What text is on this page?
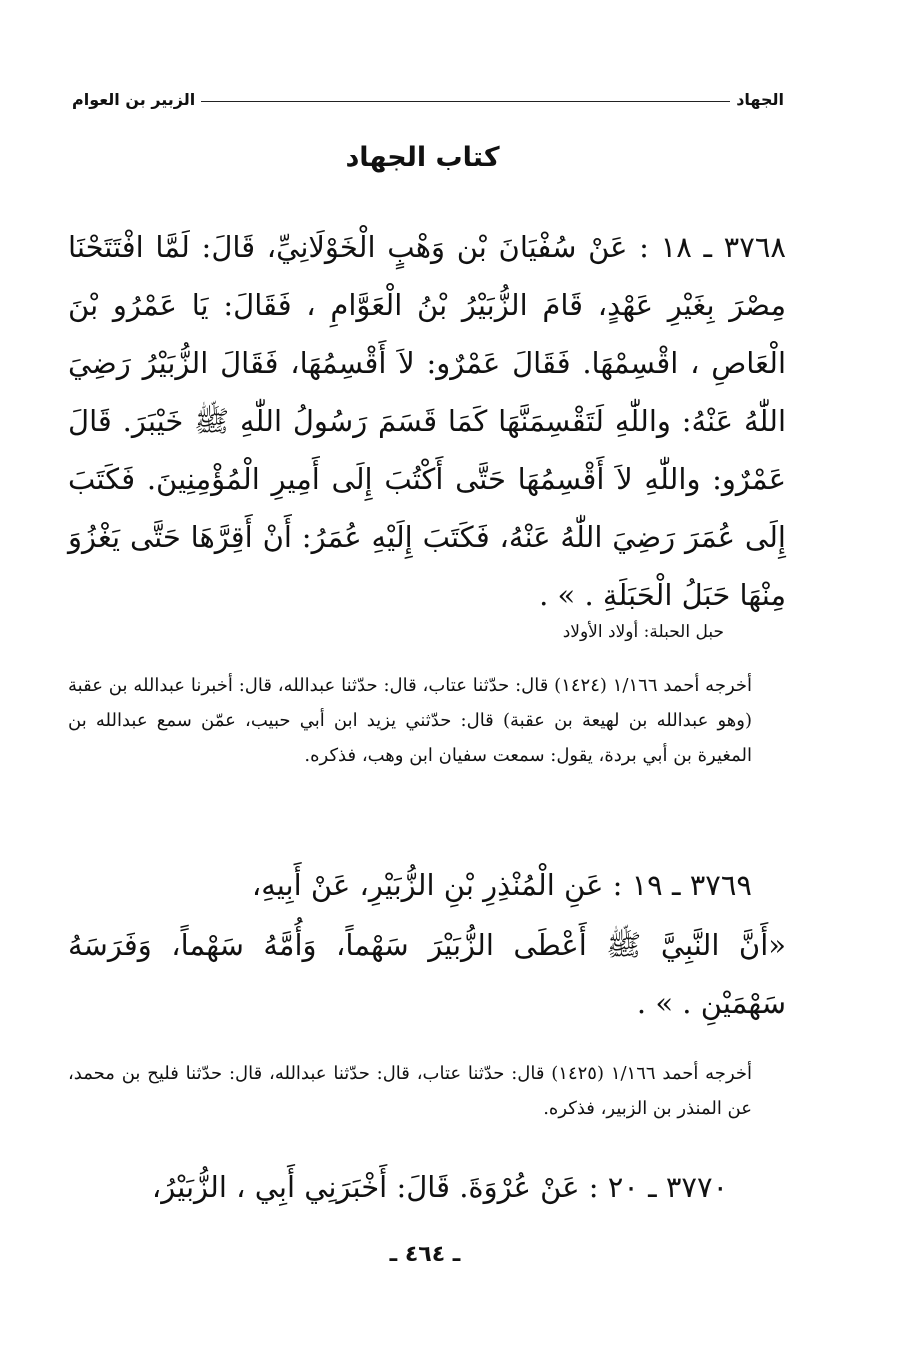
الجهاد
الزبير بن العوام
كتاب الجهاد
٣٧٦٨ ـ ١٨ : عَنْ سُفْيَانَ بْن وَهْبٍ الْخَوْلَانِيِّ، قَالَ: لَمَّا افْتَتَحْنَا مِصْرَ بِغَيْرِ عَهْدٍ، قَامَ الزُّبَيْرُ بْنُ الْعَوَّامِ ، فَقَالَ: يَا عَمْرُو بْنَ الْعَاصِ ، اقْسِمْهَا. فَقَالَ عَمْرٌو: لاَ أَقْسِمُهَا، فَقَالَ الزُّبَيْرُ رَضِيَ اللّٰهُ عَنْهُ: واللّٰهِ لَتَقْسِمَنَّهَا كَمَا قَسَمَ رَسُولُ اللّٰهِ ﷺ خَيْبَرَ. قَالَ عَمْرٌو: واللّٰهِ لاَ أَقْسِمُهَا حَتَّى أَكْتُبَ إِلَى أَمِيرِ الْمُؤْمِنِينَ. فَكَتَبَ إِلَى عُمَرَ رَضِيَ اللّٰهُ عَنْهُ، فَكَتَبَ إِلَيْهِ عُمَرُ: أَنْ أَقِرَّهَا حَتَّى يَغْزُوَ مِنْهَا حَبَلُ الْحَبَلَةِ . » .
حبل الحبلة: أولاد الأولاد
أخرجه أحمد ١/١٦٦ (١٤٢٤) قال: حدّثنا عتاب، قال: حدّثنا عبدالله، قال: أخبرنا عبدالله بن عقبة (وهو عبدالله بن لهيعة بن عقبة) قال: حدّثني يزيد ابن أبي حبيب، عمّن سمع عبدالله بن المغيرة بن أبي بردة، يقول: سمعت سفيان ابن وهب، فذكره.
٣٧٦٩ ـ ١٩ : عَنِ الْمُنْذِرِ بْنِ الزُّبَيْرِ، عَنْ أَبِيهِ،
«أَنَّ النَّبِيَّ ﷺ أَعْطَى الزُّبَيْرَ سَهْماً، وَأُمَّهُ سَهْماً، وَفَرَسَهُ سَهْمَيْنِ . » .
أخرجه أحمد ١/١٦٦ (١٤٢٥) قال: حدّثنا عتاب، قال: حدّثنا عبدالله، قال: حدّثنا فليح بن محمد، عن المنذر بن الزبير، فذكره.
٣٧٧٠ ـ ٢٠ : عَنْ عُرْوَةَ. قَالَ: أَخْبَرَنِي أَبِي ، الزُّبَيْرُ،
ـ ٤٦٤ ـ
